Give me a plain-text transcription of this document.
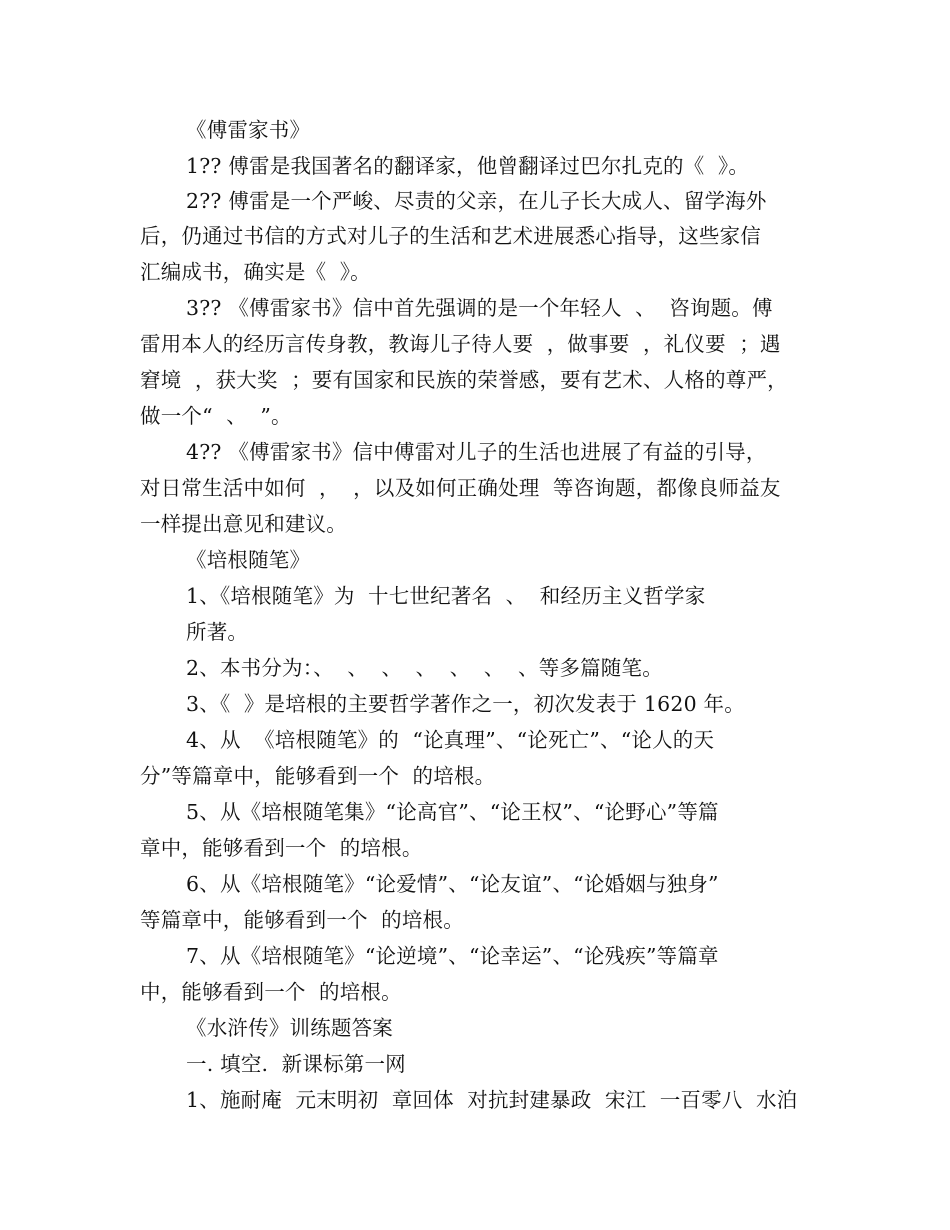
《傅雷家书》
1?? 傅雷是我国著名的翻译家，他曾翻译过巴尔扎克的《  》。
2?? 傅雷是一个严峻、尽责的父亲，在儿子长大成人、留学海外
后，仍通过书信的方式对儿子的生活和艺术进展悉心指导，这些家信
汇编成书，确实是《  》。
3?? 《傅雷家书》信中首先强调的是一个年轻人  、  咨询题。傅
雷用本人的经历言传身教，教诲儿子待人要  ，做事要  ，礼仪要  ；遇
窘境  ，获大奖  ；要有国家和民族的荣誉感，要有艺术、人格的尊严，
做一个“  、  ”。
4?? 《傅雷家书》信中傅雷对儿子的生活也进展了有益的引导，
对日常生活中如何  ，  ，以及如何正确处理  等咨询题，都像良师益友
一样提出意见和建议。
《培根随笔》
1、《培根随笔》为  十七世纪著名  、  和经历主义哲学家
所著。
2、本书分为：、  、  、  、  、  、  、等多篇随笔。
3、《  》是培根的主要哲学著作之一，初次发表于 1620 年。
4、从  《培根随笔》的  “论真理”、“论死亡”、“论人的天
分”等篇章中，能够看到一个  的培根。
5、从《培根随笔集》“论高官”、“论王权”、“论野心”等篇
章中，能够看到一个  的培根。
6、从《培根随笔》“论爱情”、“论友谊”、“论婚姻与独身”
等篇章中，能够看到一个  的培根。
7、从《培根随笔》“论逆境”、“论幸运”、“论残疾”等篇章
中，能够看到一个  的培根。
《水浒传》训练题答案
一. 填空.  新课标第一网
1、施耐庵  元末明初  章回体  对抗封建暴政  宋江  一百零八  水泊
